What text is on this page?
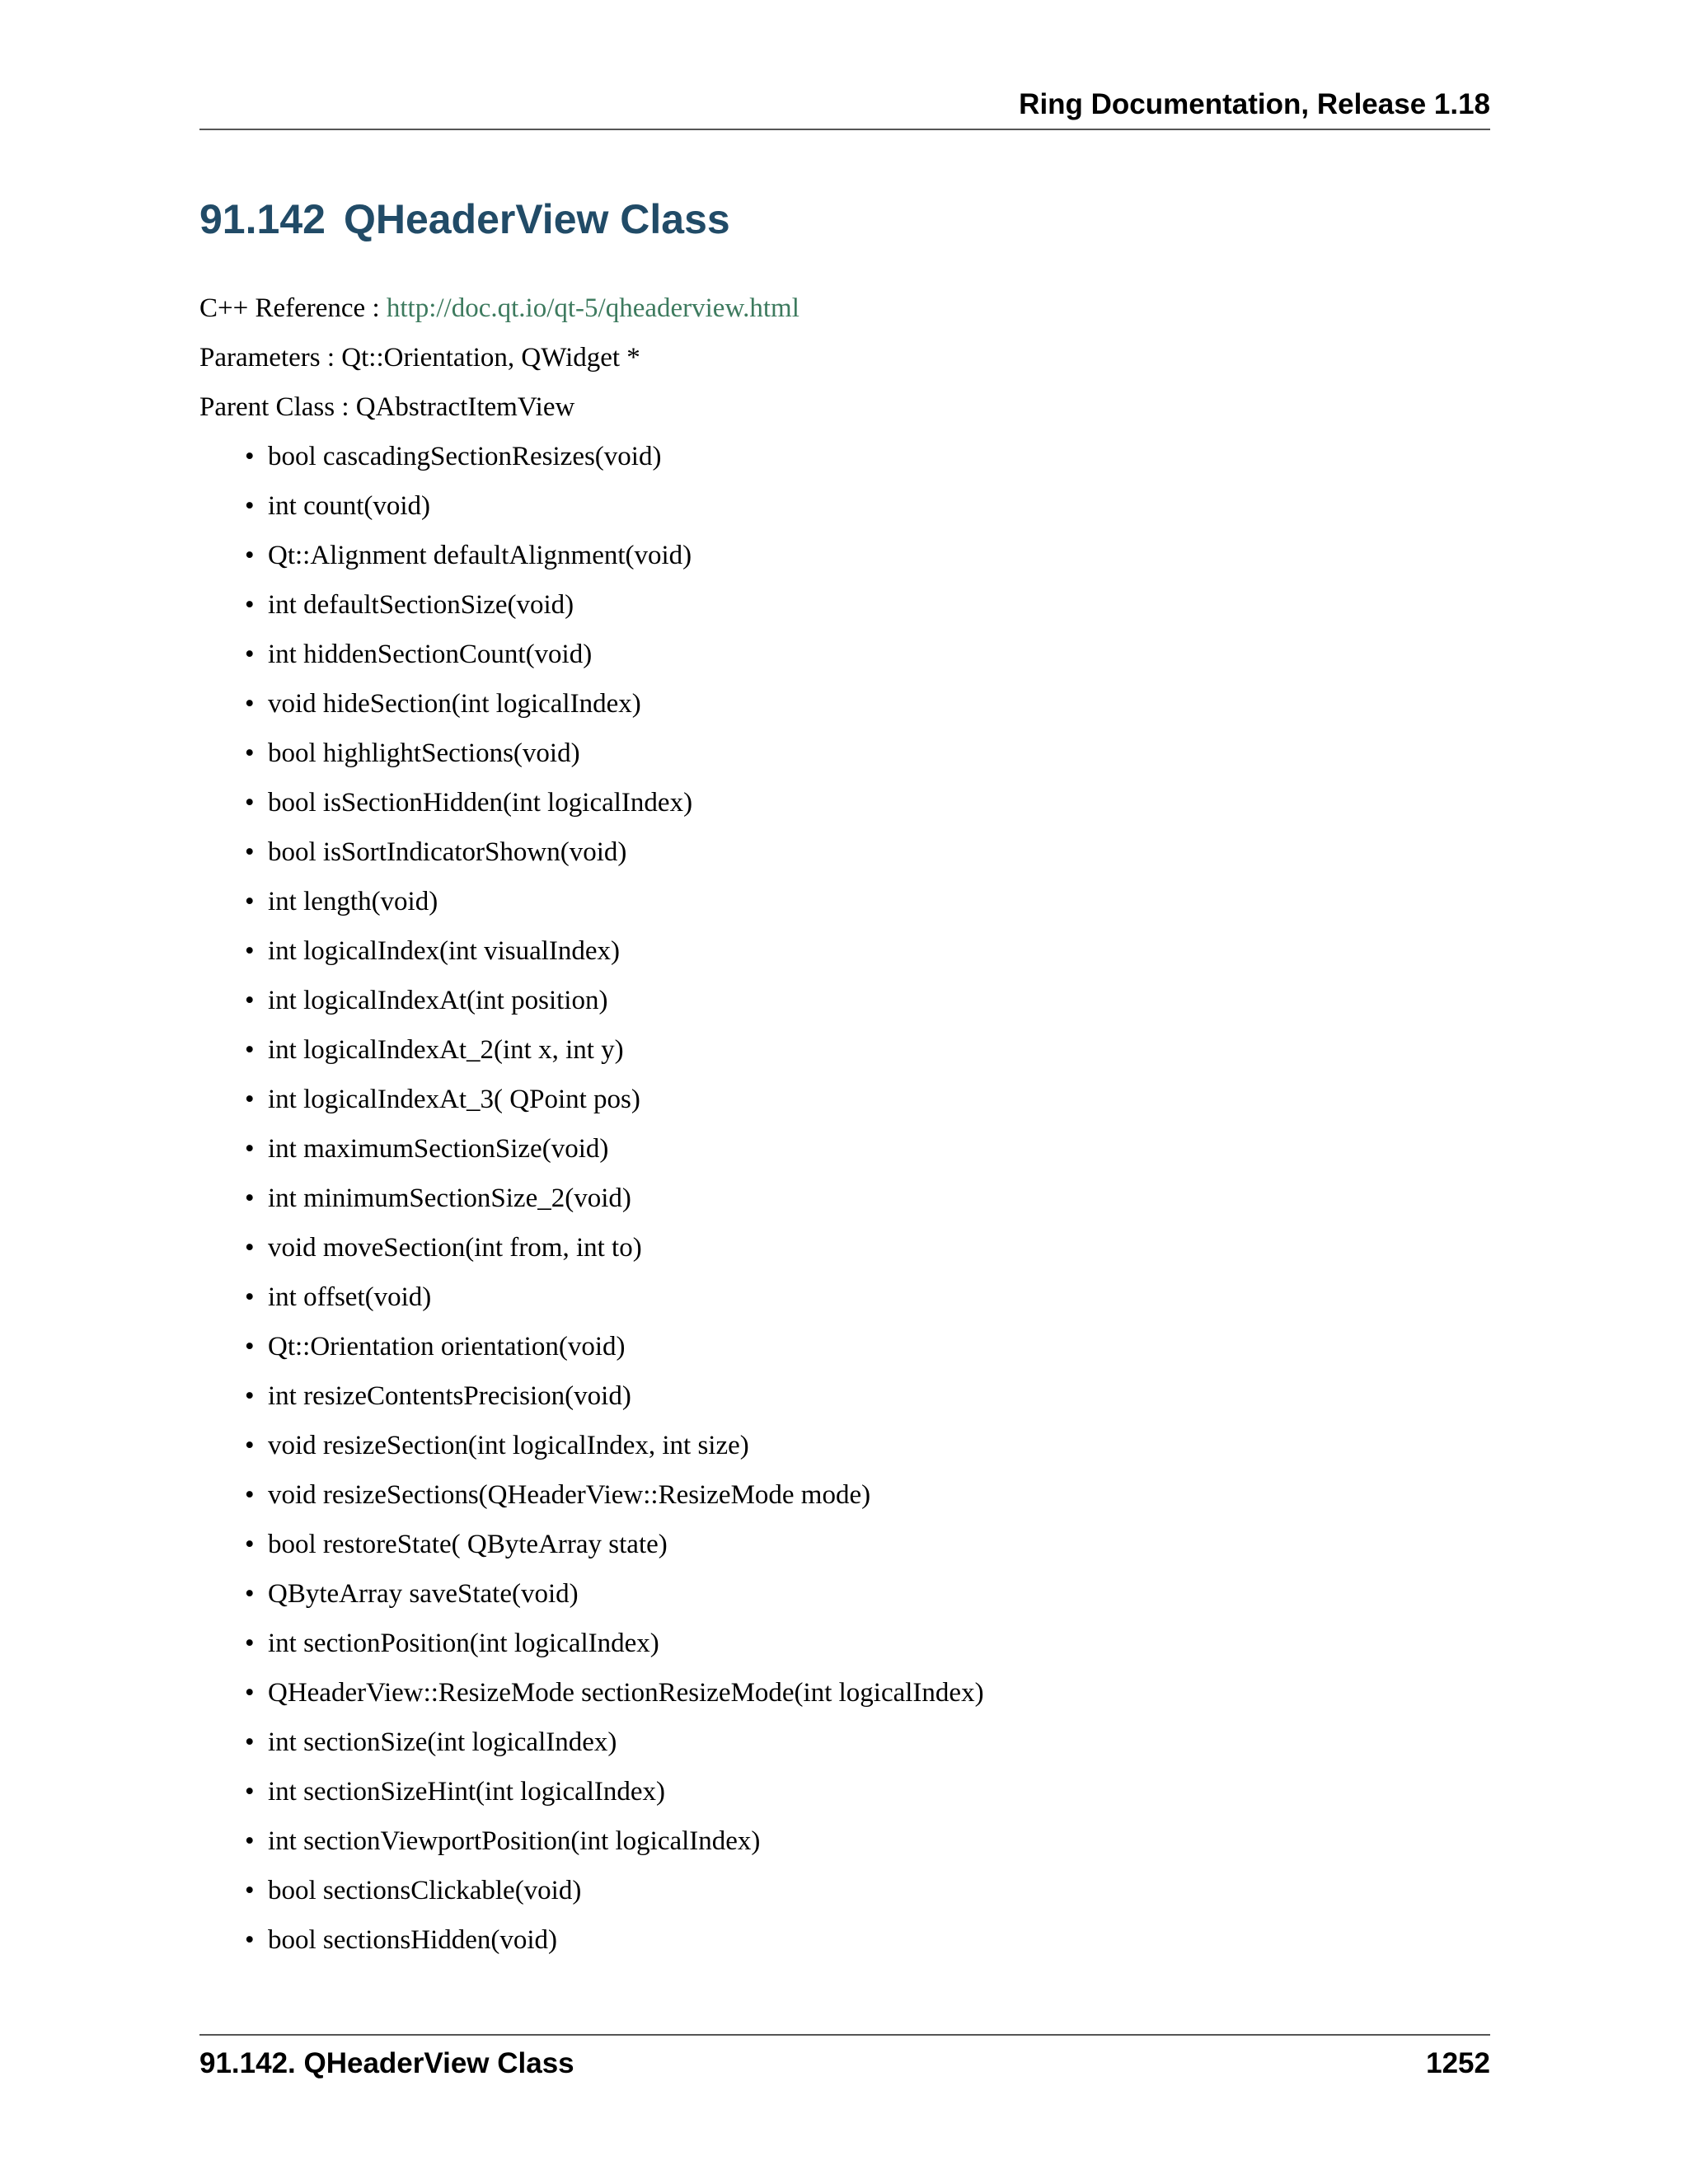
Ring Documentation, Release 1.18
91.142 QHeaderView Class
C++ Reference : http://doc.qt.io/qt-5/qheaderview.html
Parameters : Qt::Orientation, QWidget *
Parent Class : QAbstractItemView
• bool cascadingSectionResizes(void)
• int count(void)
• Qt::Alignment defaultAlignment(void)
• int defaultSectionSize(void)
• int hiddenSectionCount(void)
• void hideSection(int logicalIndex)
• bool highlightSections(void)
• bool isSectionHidden(int logicalIndex)
• bool isSortIndicatorShown(void)
• int length(void)
• int logicalIndex(int visualIndex)
• int logicalIndexAt(int position)
• int logicalIndexAt_2(int x, int y)
• int logicalIndexAt_3( QPoint pos)
• int maximumSectionSize(void)
• int minimumSectionSize_2(void)
• void moveSection(int from, int to)
• int offset(void)
• Qt::Orientation orientation(void)
• int resizeContentsPrecision(void)
• void resizeSection(int logicalIndex, int size)
• void resizeSections(QHeaderView::ResizeMode mode)
• bool restoreState( QByteArray state)
• QByteArray saveState(void)
• int sectionPosition(int logicalIndex)
• QHeaderView::ResizeMode sectionResizeMode(int logicalIndex)
• int sectionSize(int logicalIndex)
• int sectionSizeHint(int logicalIndex)
• int sectionViewportPosition(int logicalIndex)
• bool sectionsClickable(void)
• bool sectionsHidden(void)
91.142. QHeaderView Class	1252
